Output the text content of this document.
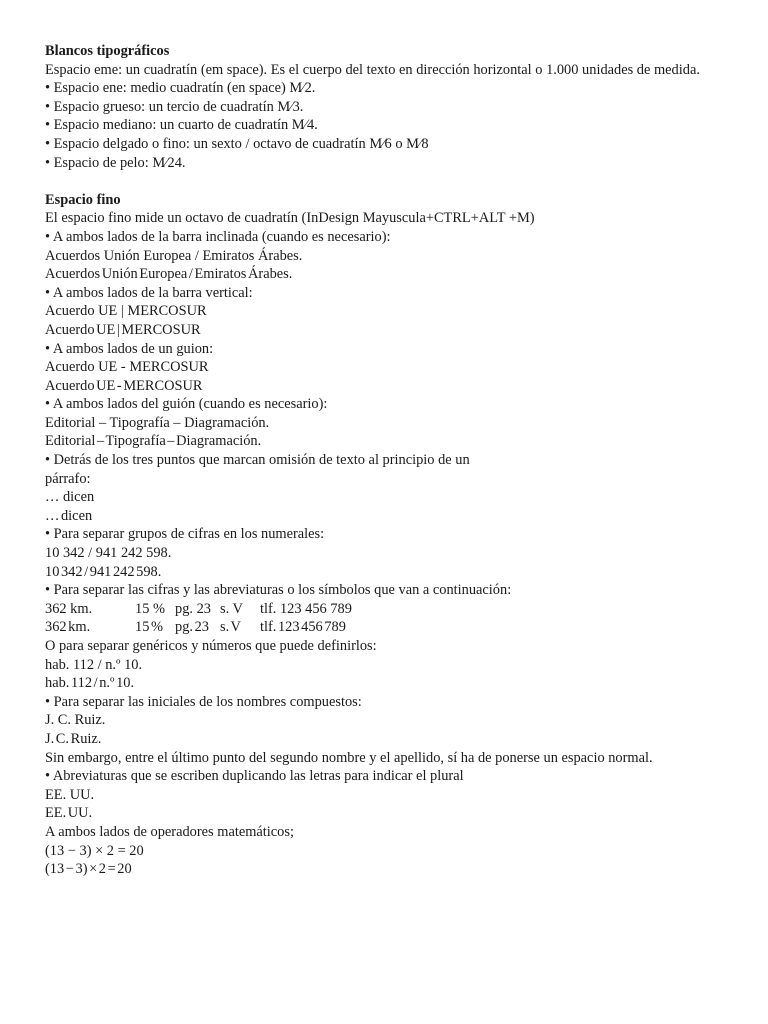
Blancos tipográficos

Espacio eme: un cuadratín (em space). Es el cuerpo del texto en dirección horizontal o 1.000 unidades de medida.

• Espacio ene: medio cuadratín (en space) M⁄2.

• Espacio grueso: un tercio de cuadratín M⁄3.

• Espacio mediano: un cuarto de cuadratín M⁄4.

• Espacio delgado o fino: un sexto / octavo de cuadratín M⁄6 o M⁄8

• Espacio de pelo: M⁄24.

Espacio fino

El espacio fino mide un octavo de cuadratín (InDesign Mayuscula+CTRL+ALT +M)

• A ambos lados de la barra inclinada (cuando es necesario):

Acuerdos Unión Europea / Emiratos Árabes.

Acuerdos Unión Europea / Emiratos Árabes.

• A ambos lados de la barra vertical:

Acuerdo UE | MERCOSUR

Acuerdo UE | MERCOSUR

• A ambos lados de un guion:

Acuerdo UE - MERCOSUR

Acuerdo UE - MERCOSUR

• A ambos lados del guión (cuando es necesario):

Editorial – Tipografía – Diagramación.

Editorial – Tipografía – Diagramación.

• Detrás de los tres puntos que marcan omisión de texto al principio de un

párrafo:

… dicen

… dicen

• Para separar grupos de cifras en los numerales:

10 342 / 941 242 598.

10 342 / 941 242 598.

• Para separar las cifras y las abreviaturas o los símbolos que van a continuación:

362 km.	15 % pg. 23 s. V	tlf. 123 456 789
362 km.	15 % pg. 23 s. V	tlf. 123 456 789

O para separar genéricos y números que puede definirlos:

hab. 112 / n.º 10.

hab. 112 / n.º 10.

• Para separar las iniciales de los nombres compuestos:

J. C. Ruiz.

J. C. Ruiz.

Sin embargo, entre el último punto del segundo nombre y el apellido, sí ha de ponerse un espacio normal.

• Abreviaturas que se escriben duplicando las letras para indicar el plural

EE. UU.

EE. UU.

A ambos lados de operadores matemáticos;

(13 − 3) × 2 = 20

(13 − 3) × 2 = 20
